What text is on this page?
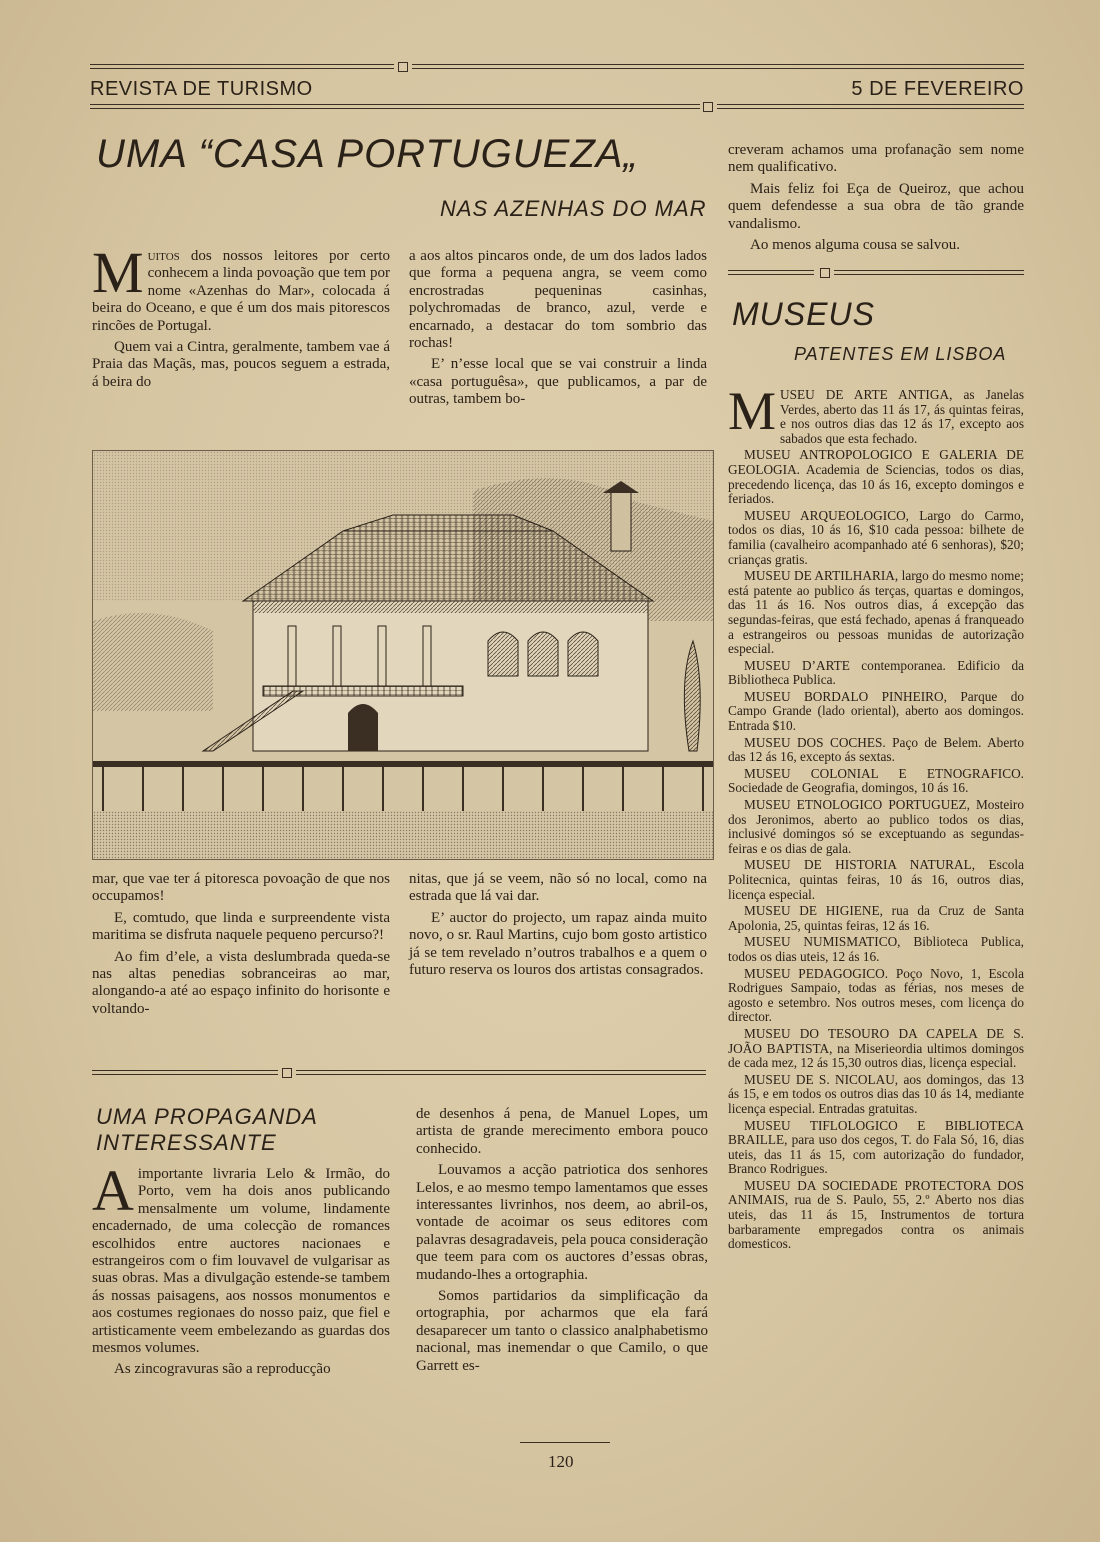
REVISTA DE TURISMO	5 DE FEVEREIRO
UMA “CASA PORTUGUEZA„
NAS AZENHAS DO MAR

Muitos dos nossos leitores por certo conhecem a linda povoação que tem por nome «Azenhas do Mar», colocada á beira do Oceano, e que é um dos mais pitorescos rincões de Portugal.

Quem vai a Cintra, geralmente, tambem vae á Praia das Maçãs, mas, poucos seguem a estrada, á beira do

a aos altos pincaros onde, de um dos lados lados que forma a pequena angra, se veem como encrostradas pequeninas casinhas, polychromadas de branco, azul, verde e encarnado, a destacar do tom sombrio das rochas!

E’ n’esse local que se vai construir a linda «casa portuguêsa», que publicamos, a par de outras, tambem bo-

mar, que vae ter á pitoresca povoação de que nos occupamos!

E, comtudo, que linda e surpreendente vista maritima se disfruta naquele pequeno percurso?!

Ao fim d’ele, a vista deslumbrada queda-se nas altas penedias sobranceiras ao mar, alongando-a até ao espaço infinito do horisonte e voltando-

nitas, que já se veem, não só no local, como na estrada que lá vai dar.

E’ auctor do projecto, um rapaz ainda muito novo, o sr. Raul Martins, cujo bom gosto artistico já se tem revelado n’outros trabalhos e a quem o futuro reserva os louros dos artistas consagrados.

creveram achamos uma profanação sem nome nem qualificativo.

Mais feliz foi Eça de Queiroz, que achou quem defendesse a sua obra de tão grande vandalismo.

Ao menos alguma cousa se salvou.

MUSEUS
PATENTES EM LISBOA

MUSEU DE ARTE ANTIGA, as Janelas Verdes, aberto das 11 ás 17, ás quintas feiras, e nos outros dias das 12 ás 17, excepto aos sabados que esta fechado.

MUSEU ANTROPOLOGICO E GALERIA DE GEOLOGIA. Academia de Sciencias, todos os dias, precedendo licença, das 10 ás 16, excepto domingos e feriados.

MUSEU ARQUEOLOGICO, Largo do Carmo, todos os dias, 10 ás 16, $10 cada pessoa: bilhete de familia (cavalheiro acompanhado até 6 senhoras), $20; crianças gratis.

MUSEU DE ARTILHARIA, largo do mesmo nome; está patente ao publico ás terças, quartas e domingos, das 11 ás 16. Nos outros dias, á excepção das segundas-feiras, que está fechado, apenas á franqueado a estrangeiros ou pessoas munidas de autorização especial.

MUSEU D’ARTE contemporanea. Edificio da Bibliotheca Publica.

MUSEU BORDALO PINHEIRO, Parque do Campo Grande (lado oriental), aberto aos domingos. Entrada $10.

MUSEU DOS COCHES. Paço de Belem. Aberto das 12 ás 16, excepto ás sextas.

MUSEU COLONIAL E ETNOGRAFICO. Sociedade de Geografia, domingos, 10 ás 16.

MUSEU ETNOLOGICO PORTUGUEZ, Mosteiro dos Jeronimos, aberto ao publico todos os dias, inclusivé domingos só se exceptuando as segundas-feiras e os dias de gala.

MUSEU DE HISTORIA NATURAL, Escola Politecnica, quintas feiras, 10 ás 16, outros dias, licença especial.

MUSEU DE HIGIENE, rua da Cruz de Santa Apolonia, 25, quintas feiras, 12 ás 16.

MUSEU NUMISMATICO, Biblioteca Publica, todos os dias uteis, 12 ás 16.

MUSEU PEDAGOGICO. Poço Novo, 1, Escola Rodrigues Sampaio, todas as férias, nos meses de agosto e setembro. Nos outros meses, com licença do director.

MUSEU DO TESOURO DA CAPELA DE S. JOÃO BAPTISTA, na Miserieordia ultimos domingos de cada mez, 12 ás 15,30 outros dias, licença especial.

MUSEU DE S. NICOLAU, aos domingos, das 13 ás 15, e em todos os outros dias das 10 ás 14, mediante licença especial. Entradas gratuitas.

MUSEU TIFLOLOGICO E BIBLIOTECA BRAILLE, para uso dos cegos, T. do Fala Só, 16, dias uteis, das 11 ás 15, com autorização do fundador, Branco Rodrigues.

MUSEU DA SOCIEDADE PROTECTORA DOS ANIMAIS, rua de S. Paulo, 55, 2.º Aberto nos dias uteis, das 11 ás 15, Instrumentos de tortura barbaramente empregados contra os animais domesticos.

UMA PROPAGANDA
INTERESSANTE

A importante livraria Lelo & Irmão, do Porto, vem ha dois anos publicando mensalmente um volume, lindamente encadernado, de uma colecção de romances escolhidos entre auctores nacionaes e estrangeiros com o fim louvavel de vulgarisar as suas obras. Mas a divulgação estende-se tambem ás nossas paisagens, aos nossos monumentos e aos costumes regionaes do nosso paiz, que fiel e artisticamente veem embelezando as guardas dos mesmos volumes.

As zincogravuras são a reproducção

de desenhos á pena, de Manuel Lopes, um artista de grande merecimento embora pouco conhecido.

Louvamos a acção patriotica dos senhores Lelos, e ao mesmo tempo lamentamos que esses interessantes livrinhos, nos deem, ao abril-os, vontade de acoimar os seus editores com palavras desagradaveis, pela pouca consideração que teem para com os auctores d’essas obras, mudando-lhes a ortographia.

Somos partidarios da simplificação da ortographia, por acharmos que ela fará desaparecer um tanto o classico analphabetismo nacional, mas inemendar o que Camilo, o que Garrett es-

120
